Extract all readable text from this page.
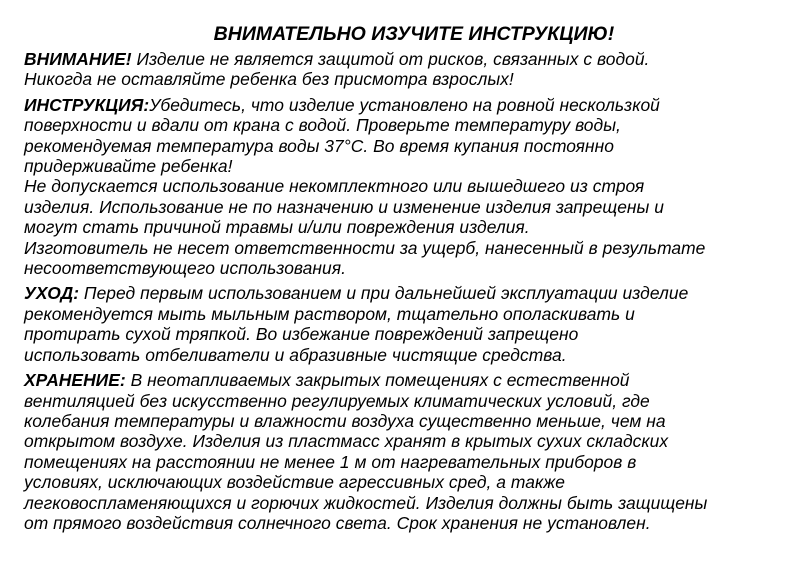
ВНИМАТЕЛЬНО ИЗУЧИТЕ ИНСТРУКЦИЮ!
ВНИМАНИЕ! Изделие не является защитой от рисков, связанных с водой.
Никогда не оставляйте ребенка без присмотра взрослых!
ИНСТРУКЦИЯ:Убедитесь, что изделие установлено на ровной нескользкой
поверхности и вдали от крана с водой. Проверьте температуру воды,
рекомендуемая температура воды 37°С. Во время купания постоянно
придерживайте ребенка!
Не допускается использование некомплектного или вышедшего из строя
изделия. Использование не по назначению и изменение изделия запрещены и
могут стать причиной травмы и/или повреждения изделия.
Изготовитель не несет ответственности за ущерб, нанесенный в результате
несоответствующего использования.
УХОД: Перед первым использованием и при дальнейшей эксплуатации изделие
рекомендуется мыть мыльным раствором, тщательно ополаскивать и
протирать сухой тряпкой. Во избежание повреждений запрещено
использовать отбеливатели и абразивные чистящие средства.
ХРАНЕНИЕ: В неотапливаемых закрытых помещениях с естественной
вентиляцией без искусственно регулируемых климатических условий, где
колебания температуры и влажности воздуха существенно меньше, чем на
открытом воздухе. Изделия из пластмасс хранят в крытых сухих складских
помещениях на расстоянии не менее 1 м от нагревательных приборов в
условиях, исключающих воздействие агрессивных сред, а также
легковоспламеняющихся и горючих жидкостей. Изделия должны быть защищены
от прямого воздействия солнечного света. Срок хранения не установлен.
